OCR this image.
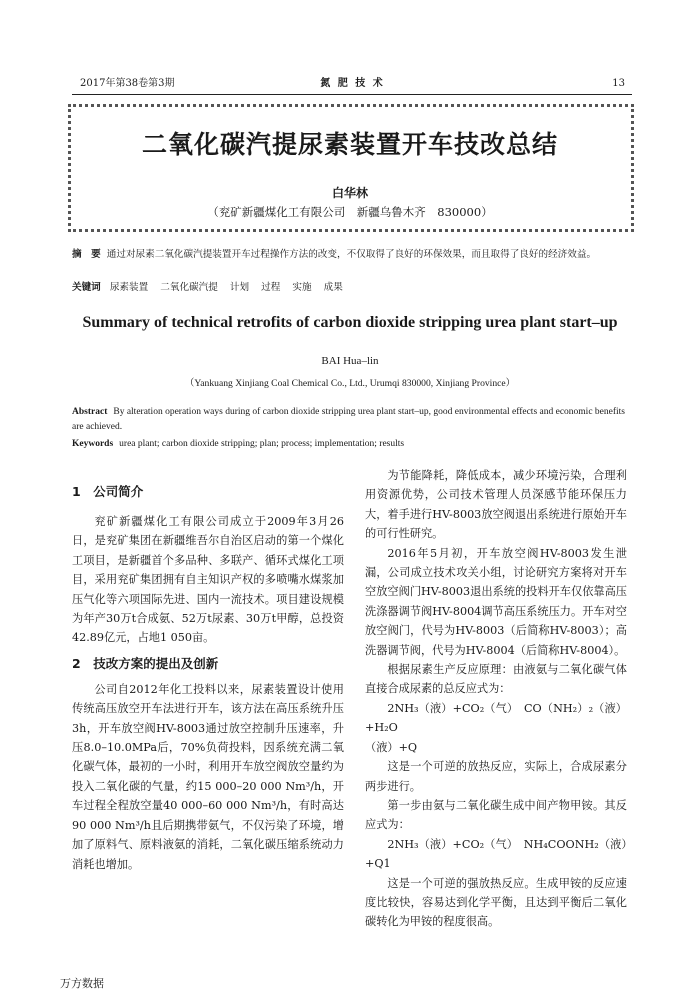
2017年第38卷第3期	氮 肥 技 术	13
二氧化碳汽提尿素装置开车技改总结
白华林
（兖矿新疆煤化工有限公司　新疆乌鲁木齐　830000）
摘　要 通过对尿素二氧化碳汽提装置开车过程操作方法的改变，不仅取得了良好的环保效果，而且取得了良好的经济效益。
关键词 尿素装置 二氧化碳汽提 计划 过程 实施 成果
Summary of technical retrofits of carbon dioxide stripping urea plant start–up
BAI Hua–lin
（Yankuang Xinjiang Coal Chemical Co., Ltd., Urumqi 830000, Xinjiang Province）
Abstract By alteration operation ways during of carbon dioxide stripping urea plant start–up, good environmental effects and economic benefits are achieved.
Keywords urea plant; carbon dioxide stripping; plan; process; implementation; results
1　公司简介

兖矿新疆煤化工有限公司成立于2009年3月26日，是兖矿集团在新疆维吾尔自治区启动的第一个煤化工项目，是新疆首个多品种、多联产、循环式煤化工项目，采用兖矿集团拥有自主知识产权的多喷嘴水煤浆加压气化等六项国际先进、国内一流技术。项目建设规模为年产30万t合成氨、52万t尿素、30万t甲醇，总投资42.89亿元，占地1 050亩。

2　技改方案的提出及创新

公司自2012年化工投料以来，尿素装置设计使用传统高压放空开车法进行开车，该方法在高压系统升压3h，开车放空阀HV-8003通过放空控制升压速率，升压8.0–10.0MPa后，70%负荷投料，因系统充满二氧化碳气体，最初的一小时，利用开车放空阀放空量约为投入二氧化碳的气量，约15 000–20 000 Nm³/h，开车过程全程放空量40 000–60 000 Nm³/h，有时高达90 000 Nm³/h且后期携带氨气，不仅污染了环境，增加了原料气、原料液氨的消耗，二氧化碳压缩系统动力消耗也增加。

为节能降耗，降低成本，减少环境污染，合理利用资源优势，公司技术管理人员深感节能环保压力大，着手进行HV-8003放空阀退出系统进行原始开车的可行性研究。

2016年5月初，开车放空阀HV-8003发生泄漏，公司成立技术攻关小组，讨论研究方案将对开车空放空阀门HV-8003退出系统的投料开车仅依靠高压洗涤器调节阀HV-8004调节高压系统压力。开车对空放空阀门，代号为HV-8003（后简称HV-8003）；高洗器调节阀，代号为HV-8004（后简称HV-8004）。

根据尿素生产反应原理：由液氨与二氧化碳气体直接合成尿素的总反应式为：

2NH₃（液）+CO₂（气）　CO（NH₂）₂（液）+H₂O

（液）+Q

这是一个可逆的放热反应，实际上，合成尿素分两步进行。

第一步由氨与二氧化碳生成中间产物甲铵。其反应式为：

2NH₃（液）+CO₂（气）　NH₄COONH₂（液）+Q1

这是一个可逆的强放热反应。生成甲铵的反应速度比较快，容易达到化学平衡，且达到平衡后二氧化碳转化为甲铵的程度很高。

万方数据
